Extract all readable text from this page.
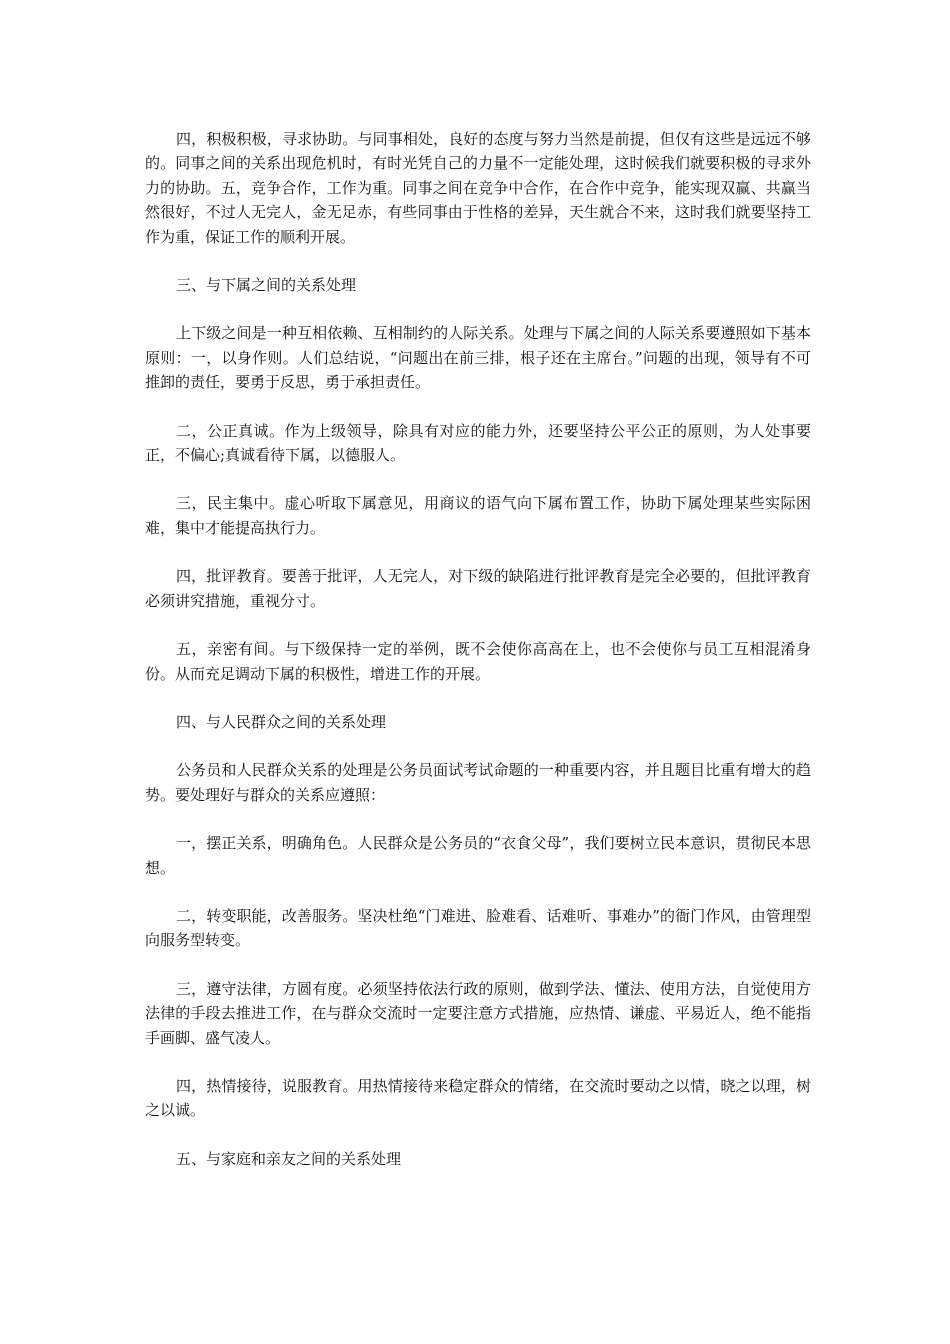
四，积极积极，寻求协助。与同事相处，良好的态度与努力当然是前提，但仅有这些是远远不够的。同事之间的关系出现危机时，有时光凭自己的力量不一定能处理，这时候我们就要积极的寻求外力的协助。五，竞争合作，工作为重。同事之间在竞争中合作，在合作中竞争，能实现双赢、共赢当然很好，不过人无完人，金无足赤，有些同事由于性格的差异，天生就合不来，这时我们就要坚持工作为重，保证工作的顺利开展。

三、与下属之间的关系处理

上下级之间是一种互相依赖、互相制约的人际关系。处理与下属之间的人际关系要遵照如下基本原则：一，以身作则。人们总结说，“问题出在前三排，根子还在主席台。”问题的出现，领导有不可推卸的责任，要勇于反思，勇于承担责任。

二，公正真诚。作为上级领导，除具有对应的能力外，还要坚持公平公正的原则，为人处事要正，不偏心;真诚看待下属，以德服人。

三，民主集中。虚心听取下属意见，用商议的语气向下属布置工作，协助下属处理某些实际困难，集中才能提高执行力。

四，批评教育。要善于批评，人无完人，对下级的缺陷进行批评教育是完全必要的，但批评教育必须讲究措施，重视分寸。

五，亲密有间。与下级保持一定的举例，既不会使你高高在上，也不会使你与员工互相混淆身份。从而充足调动下属的积极性，增进工作的开展。

四、与人民群众之间的关系处理

公务员和人民群众关系的处理是公务员面试考试命题的一种重要内容，并且题目比重有增大的趋势。要处理好与群众的关系应遵照：

一，摆正关系，明确角色。人民群众是公务员的“衣食父母”，我们要树立民本意识，贯彻民本思想。

二，转变职能，改善服务。坚决杜绝“门难进、脸难看、话难听、事难办”的衙门作风，由管理型向服务型转变。

三，遵守法律，方圆有度。必须坚持依法行政的原则，做到学法、懂法、使用方法，自觉使用方法律的手段去推进工作，在与群众交流时一定要注意方式措施，应热情、谦虚、平易近人，绝不能指手画脚、盛气凌人。

四，热情接待，说服教育。用热情接待来稳定群众的情绪，在交流时要动之以情，晓之以理，树之以诚。

五、与家庭和亲友之间的关系处理
